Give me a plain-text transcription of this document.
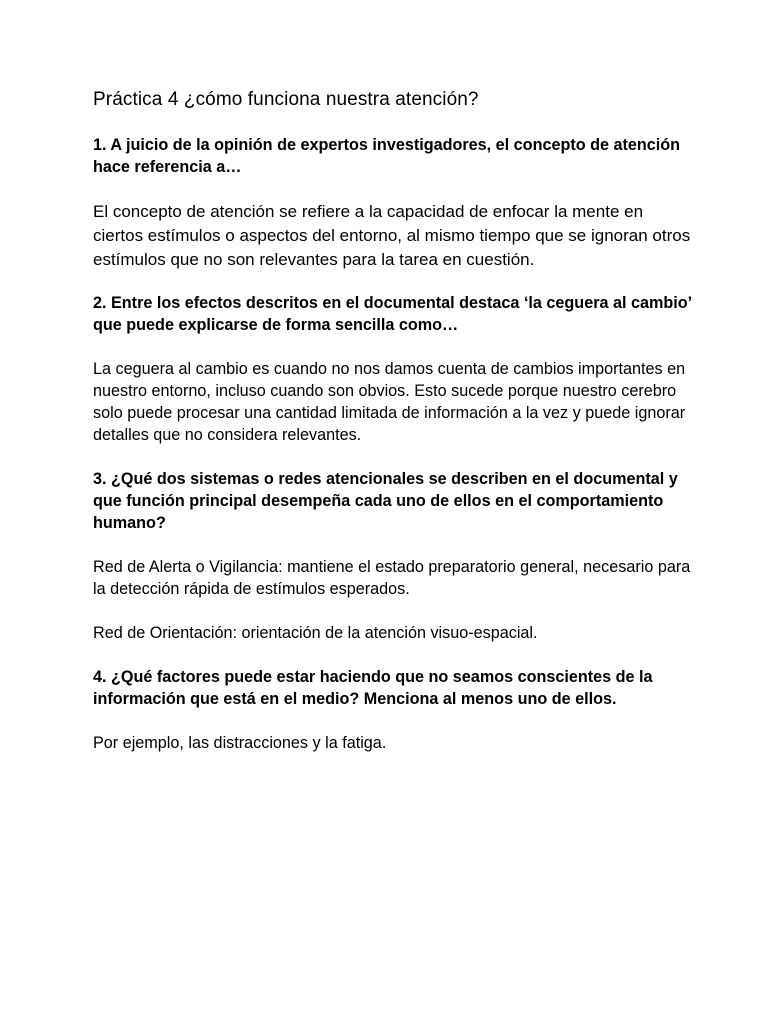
Práctica 4 ¿cómo funciona nuestra atención?

1. A juicio de la opinión de expertos investigadores, el concepto de atención hace referencia a…

El concepto de atención se refiere a la capacidad de enfocar la mente en ciertos estímulos o aspectos del entorno, al mismo tiempo que se ignoran otros estímulos que no son relevantes para la tarea en cuestión.

2. Entre los efectos descritos en el documental destaca ‘la ceguera al cambio’ que puede explicarse de forma sencilla como…

La ceguera al cambio es cuando no nos damos cuenta de cambios importantes en nuestro entorno, incluso cuando son obvios. Esto sucede porque nuestro cerebro solo puede procesar una cantidad limitada de información a la vez y puede ignorar detalles que no considera relevantes.

3. ¿Qué dos sistemas o redes atencionales se describen en el documental y que función principal desempeña cada uno de ellos en el comportamiento humano?

Red de Alerta o Vigilancia: mantiene el estado preparatorio general, necesario para la detección rápida de estímulos esperados.

Red de Orientación: orientación de la atención visuo-espacial.

4. ¿Qué factores puede estar haciendo que no seamos conscientes de la información que está en el medio? Menciona al menos uno de ellos.

Por ejemplo, las distracciones y la fatiga.
